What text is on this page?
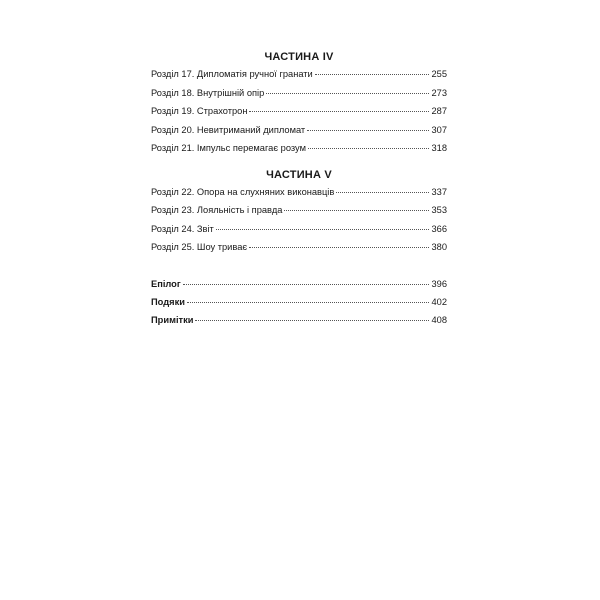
ЧАСТИНА IV
Розділ 17. Дипломатія ручної гранати	255
Розділ 18. Внутрішній опір	273
Розділ 19. Страхотрон	287
Розділ 20. Невитриманий дипломат	307
Розділ 21. Імпульс перемагає розум	318
ЧАСТИНА V
Розділ 22. Опора на слухняних виконавців	337
Розділ 23. Лояльність і правда	353
Розділ 24. Звіт	366
Розділ 25. Шоу триває	380
Епілог	396
Подяки	402
Примітки	408
